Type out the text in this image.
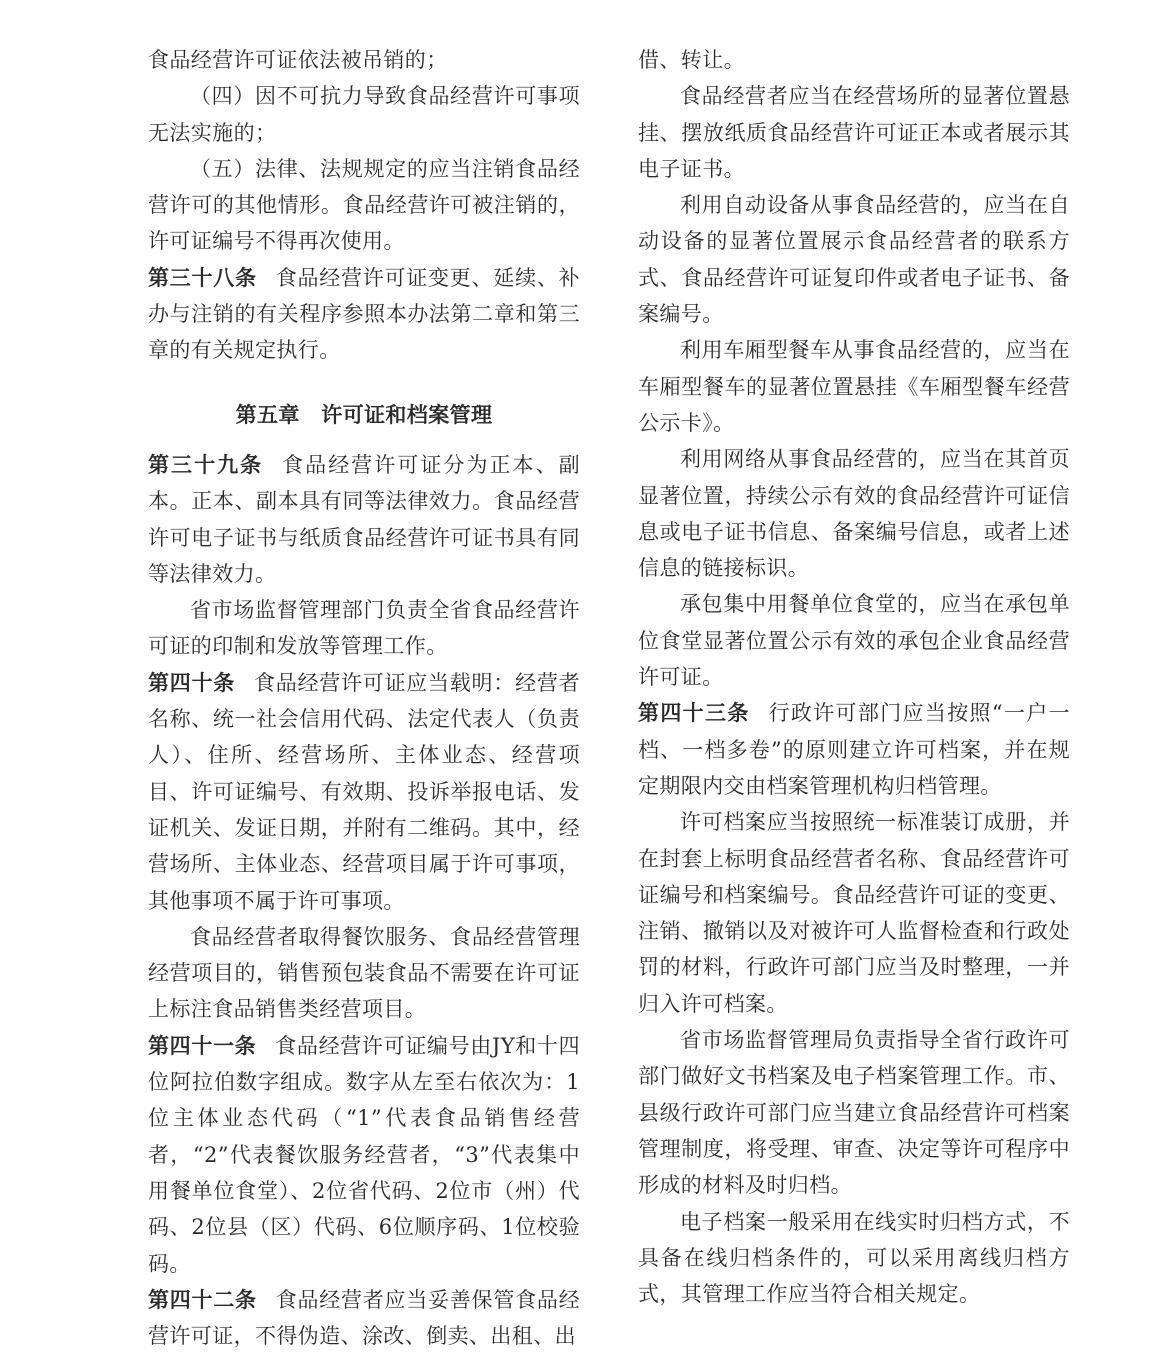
食品经营许可证依法被吊销的；

（四）因不可抗力导致食品经营许可事项无法实施的；

（五）法律、法规规定的应当注销食品经营许可的其他情形。食品经营许可被注销的，许可证编号不得再次使用。

第三十八条 食品经营许可证变更、延续、补办与注销的有关程序参照本办法第二章和第三章的有关规定执行。

第五章　许可证和档案管理

第三十九条 食品经营许可证分为正本、副本。正本、副本具有同等法律效力。食品经营许可电子证书与纸质食品经营许可证书具有同等法律效力。

省市场监督管理部门负责全省食品经营许可证的印制和发放等管理工作。

第四十条 食品经营许可证应当载明：经营者名称、统一社会信用代码、法定代表人（负责人）、住所、经营场所、主体业态、经营项目、许可证编号、有效期、投诉举报电话、发证机关、发证日期，并附有二维码。其中，经营场所、主体业态、经营项目属于许可事项，其他事项不属于许可事项。

食品经营者取得餐饮服务、食品经营管理经营项目的，销售预包装食品不需要在许可证上标注食品销售类经营项目。

第四十一条 食品经营许可证编号由JY和十四位阿拉伯数字组成。数字从左至右依次为：1位主体业态代码（“1”代表食品销售经营者，“2”代表餐饮服务经营者，“3”代表集中用餐单位食堂）、2位省代码、2位市（州）代码、2位县（区）代码、6位顺序码、1位校验码。

第四十二条 食品经营者应当妥善保管食品经营许可证，不得伪造、涂改、倒卖、出租、出

借、转让。

食品经营者应当在经营场所的显著位置悬挂、摆放纸质食品经营许可证正本或者展示其电子证书。

利用自动设备从事食品经营的，应当在自动设备的显著位置展示食品经营者的联系方式、食品经营许可证复印件或者电子证书、备案编号。

利用车厢型餐车从事食品经营的，应当在车厢型餐车的显著位置悬挂《车厢型餐车经营公示卡》。

利用网络从事食品经营的，应当在其首页显著位置，持续公示有效的食品经营许可证信息或电子证书信息、备案编号信息，或者上述信息的链接标识。

承包集中用餐单位食堂的，应当在承包单位食堂显著位置公示有效的承包企业食品经营许可证。

第四十三条 行政许可部门应当按照“一户一档、一档多卷”的原则建立许可档案，并在规定期限内交由档案管理机构归档管理。

许可档案应当按照统一标准装订成册，并在封套上标明食品经营者名称、食品经营许可证编号和档案编号。食品经营许可证的变更、注销、撤销以及对被许可人监督检查和行政处罚的材料，行政许可部门应当及时整理，一并归入许可档案。

省市场监督管理局负责指导全省行政许可部门做好文书档案及电子档案管理工作。市、县级行政许可部门应当建立食品经营许可档案管理制度，将受理、审查、决定等许可程序中形成的材料及时归档。

电子档案一般采用在线实时归档方式，不具备在线归档条件的，可以采用离线归档方式，其管理工作应当符合相关规定。
